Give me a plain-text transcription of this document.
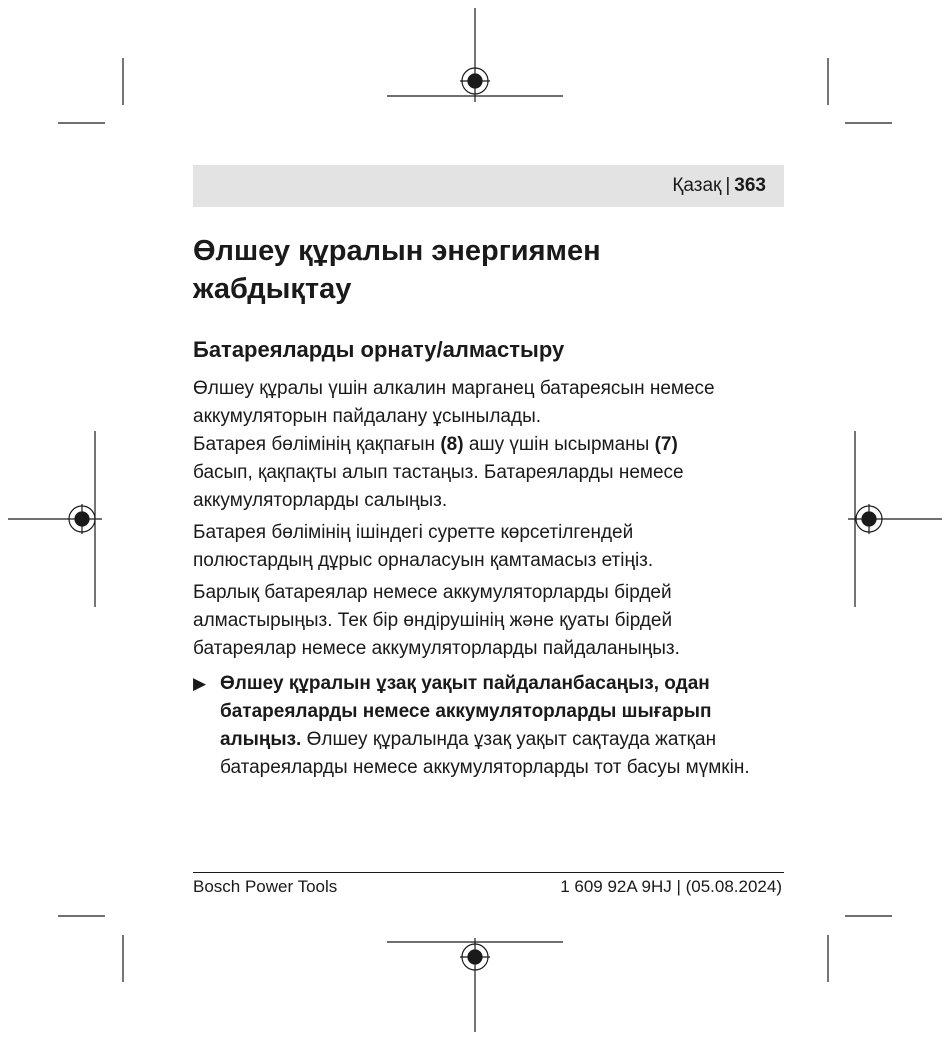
Қазақ | 363
Өлшеу құралын энергиямен
жабдықтау
Батареяларды орнату/алмастыру

Өлшеу құралы үшін алкалин марганец батареясын немесе
аккумуляторын пайдалану ұсынылады.

Батарея бөлімінің қақпағын (8) ашу үшін ысырманы (7)
басып, қақпақты алып тастаңыз. Батареяларды немесе
аккумуляторларды салыңыз.

Батарея бөлімінің ішіндегі суретте көрсетілгендей
полюстардың дұрыс орналасуын қамтамасыз етіңіз.

Барлық батареялар немесе аккумуляторларды бірдей
алмастырыңыз. Тек бір өндірушінің және қуаты бірдей
батареялар немесе аккумуляторларды пайдаланыңыз.

▶ Өлшеу құралын ұзақ уақыт пайдаланбасаңыз, одан
батареяларды немесе аккумуляторларды шығарып
алыңыз. Өлшеу құралында ұзақ уақыт сақтауда жатқан
батареяларды немесе аккумуляторларды тот басуы мүмкін.
Bosch Power Tools	1 609 92A 9HJ | (05.08.2024)
